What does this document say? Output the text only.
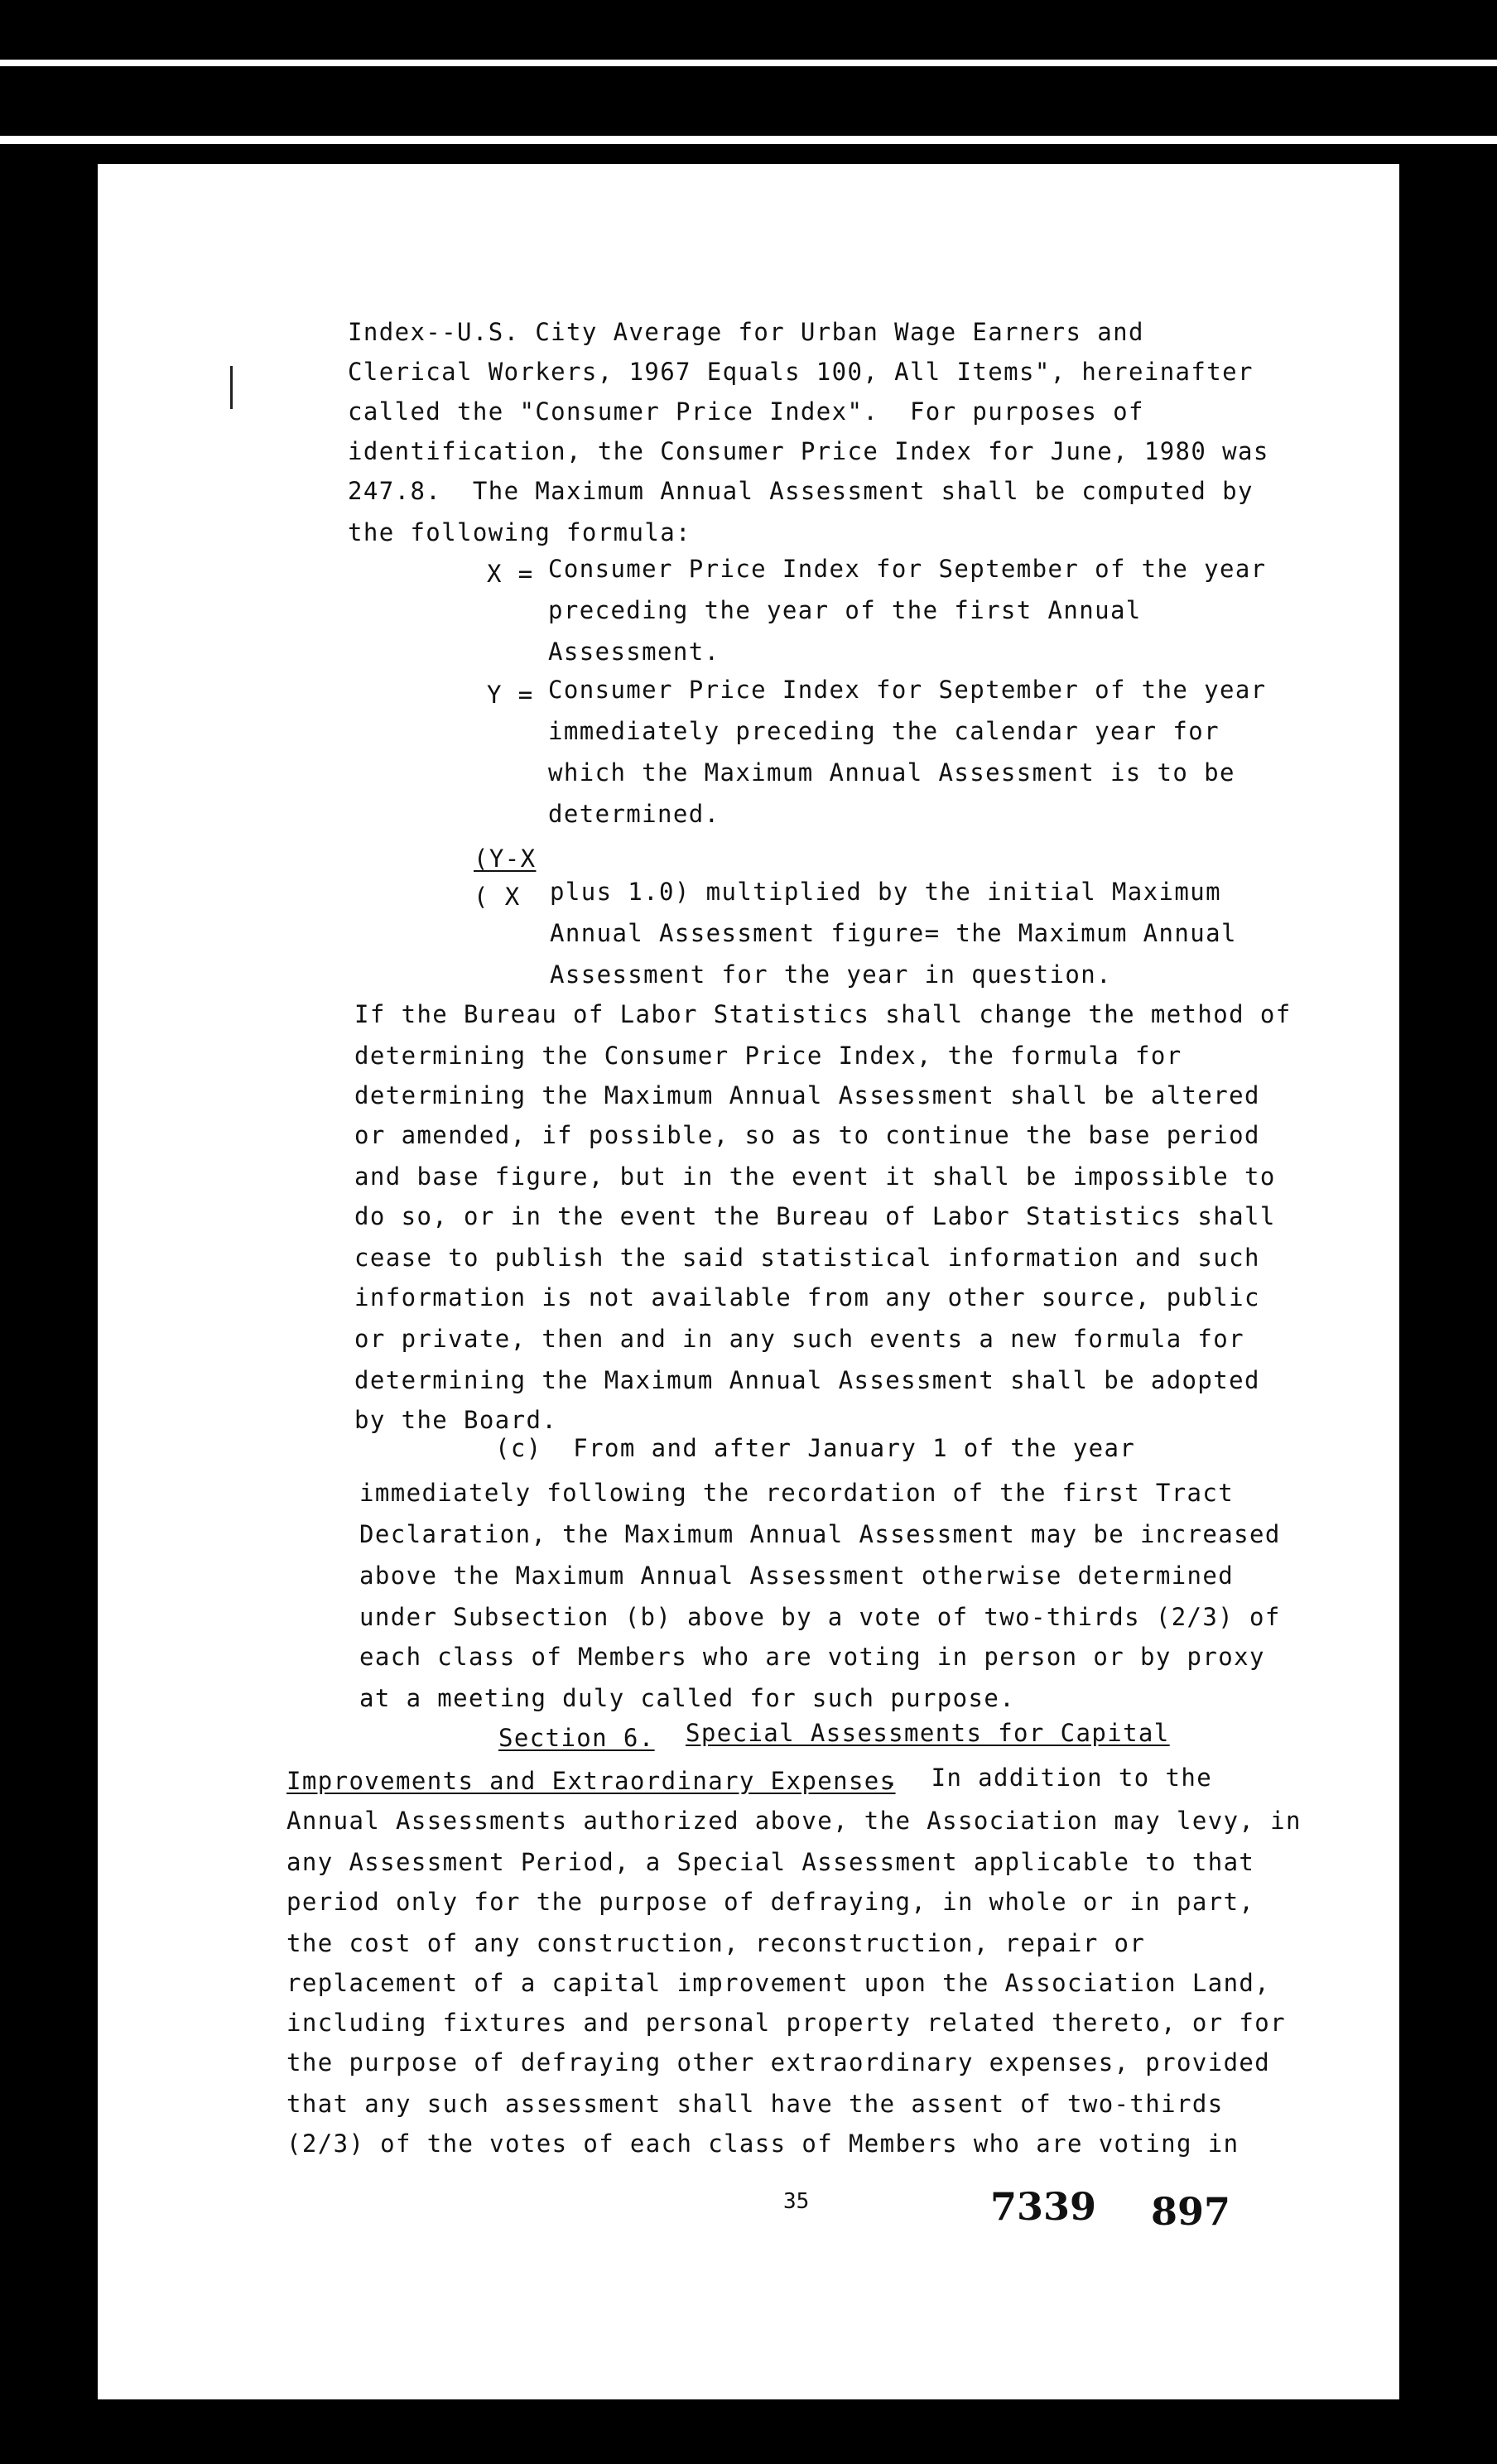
Index--U.S. City Average for Urban Wage Earners and
Clerical Workers, 1967 Equals 100, All Items", hereinafter
called the "Consumer Price Index".  For purposes of
identification, the Consumer Price Index for June, 1980 was
247.8.  The Maximum Annual Assessment shall be computed by
the following formula:
X = Consumer Price Index for September of the year
preceding the year of the first Annual
Assessment.
Y = Consumer Price Index for September of the year
immediately preceding the calendar year for
which the Maximum Annual Assessment is to be
determined.
(Y-X
( X plus 1.0) multiplied by the initial Maximum
Annual Assessment figure= the Maximum Annual
Assessment for the year in question.
If the Bureau of Labor Statistics shall change the method of
determining the Consumer Price Index, the formula for
determining the Maximum Annual Assessment shall be altered
or amended, if possible, so as to continue the base period
and base figure, but in the event it shall be impossible to
do so, or in the event the Bureau of Labor Statistics shall
cease to publish the said statistical information and such
information is not available from any other source, public
or private, then and in any such events a new formula for
determining the Maximum Annual Assessment shall be adopted
by the Board.
(c)  From and after January 1 of the year
immediately following the recordation of the first Tract
Declaration, the Maximum Annual Assessment may be increased
above the Maximum Annual Assessment otherwise determined
under Subsection (b) above by a vote of two-thirds (2/3) of
each class of Members who are voting in person or by proxy
at a meeting duly called for such purpose.
Section 6. Special Assessments for Capital
Improvements and Extraordinary Expenses
.  In addition to the
Annual Assessments authorized above, the Association may levy, in
any Assessment Period, a Special Assessment applicable to that
period only for the purpose of defraying, in whole or in part,
the cost of any construction, reconstruction, repair or
replacement of a capital improvement upon the Association Land,
including fixtures and personal property related thereto, or for
the purpose of defraying other extraordinary expenses, provided
that any such assessment shall have the assent of two-thirds
(2/3) of the votes of each class of Members who are voting in
35	7339 897
